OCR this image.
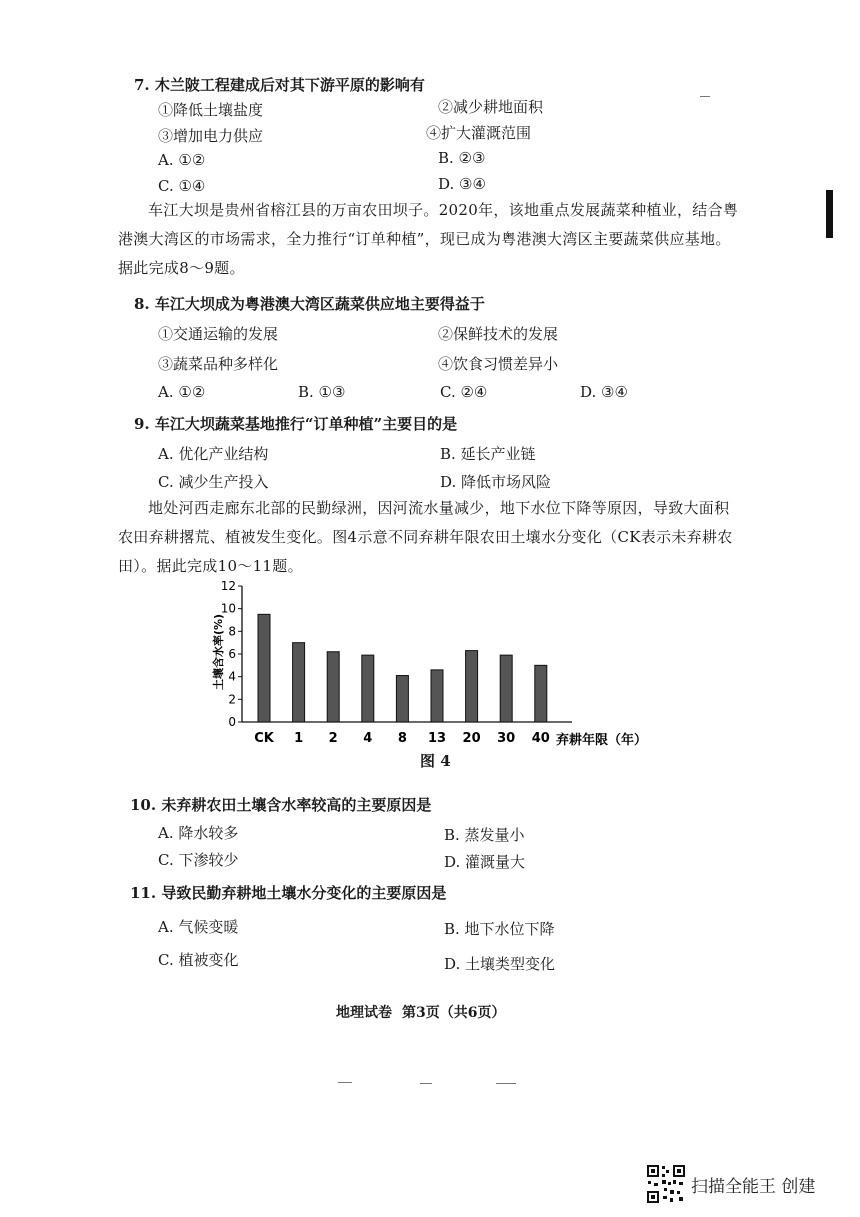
7. 木兰陂工程建成后对其下游平原的影响有
①降低土壤盐度	②减少耕地面积
③增加电力供应	④扩大灌溉范围
A. ①②	B. ②③
C. ①④	D. ③④
车江大坝是贵州省榕江县的万亩农田坝子。2020年，该地重点发展蔬菜种植业，结合粤港澳大湾区的市场需求，全力推行“订单种植”，现已成为粤港澳大湾区主要蔬菜供应基地。据此完成8～9题。
8. 车江大坝成为粤港澳大湾区蔬菜供应地主要得益于
①交通运输的发展	②保鲜技术的发展
③蔬菜品种多样化	④饮食习惯差异小
A. ①②	B. ①③	C. ②④	D. ③④
9. 车江大坝蔬菜基地推行“订单种植”主要目的是
A. 优化产业结构	B. 延长产业链
C. 减少生产投入	D. 降低市场风险
地处河西走廊东北部的民勤绿洲，因河流水量减少，地下水位下降等原因，导致大面积农田弃耕撂荒、植被发生变化。图4示意不同弃耕年限农田土壤水分变化（CK表示未弃耕农田）。据此完成10～11题。
土壤含水率(%)
弃耕年限（年）
0
2
4
6
8
10
12
CK 1 2 4 8 13 20 30 40
图 4
10. 未弃耕农田土壤含水率较高的主要原因是
A. 降水较多	B. 蒸发量小
C. 下渗较少	D. 灌溉量大
11. 导致民勤弃耕地土壤水分变化的主要原因是
A. 气候变暖	B. 地下水位下降
C. 植被变化	D. 土壤类型变化
地理试卷 第3页（共6页）
扫描全能王 创建
